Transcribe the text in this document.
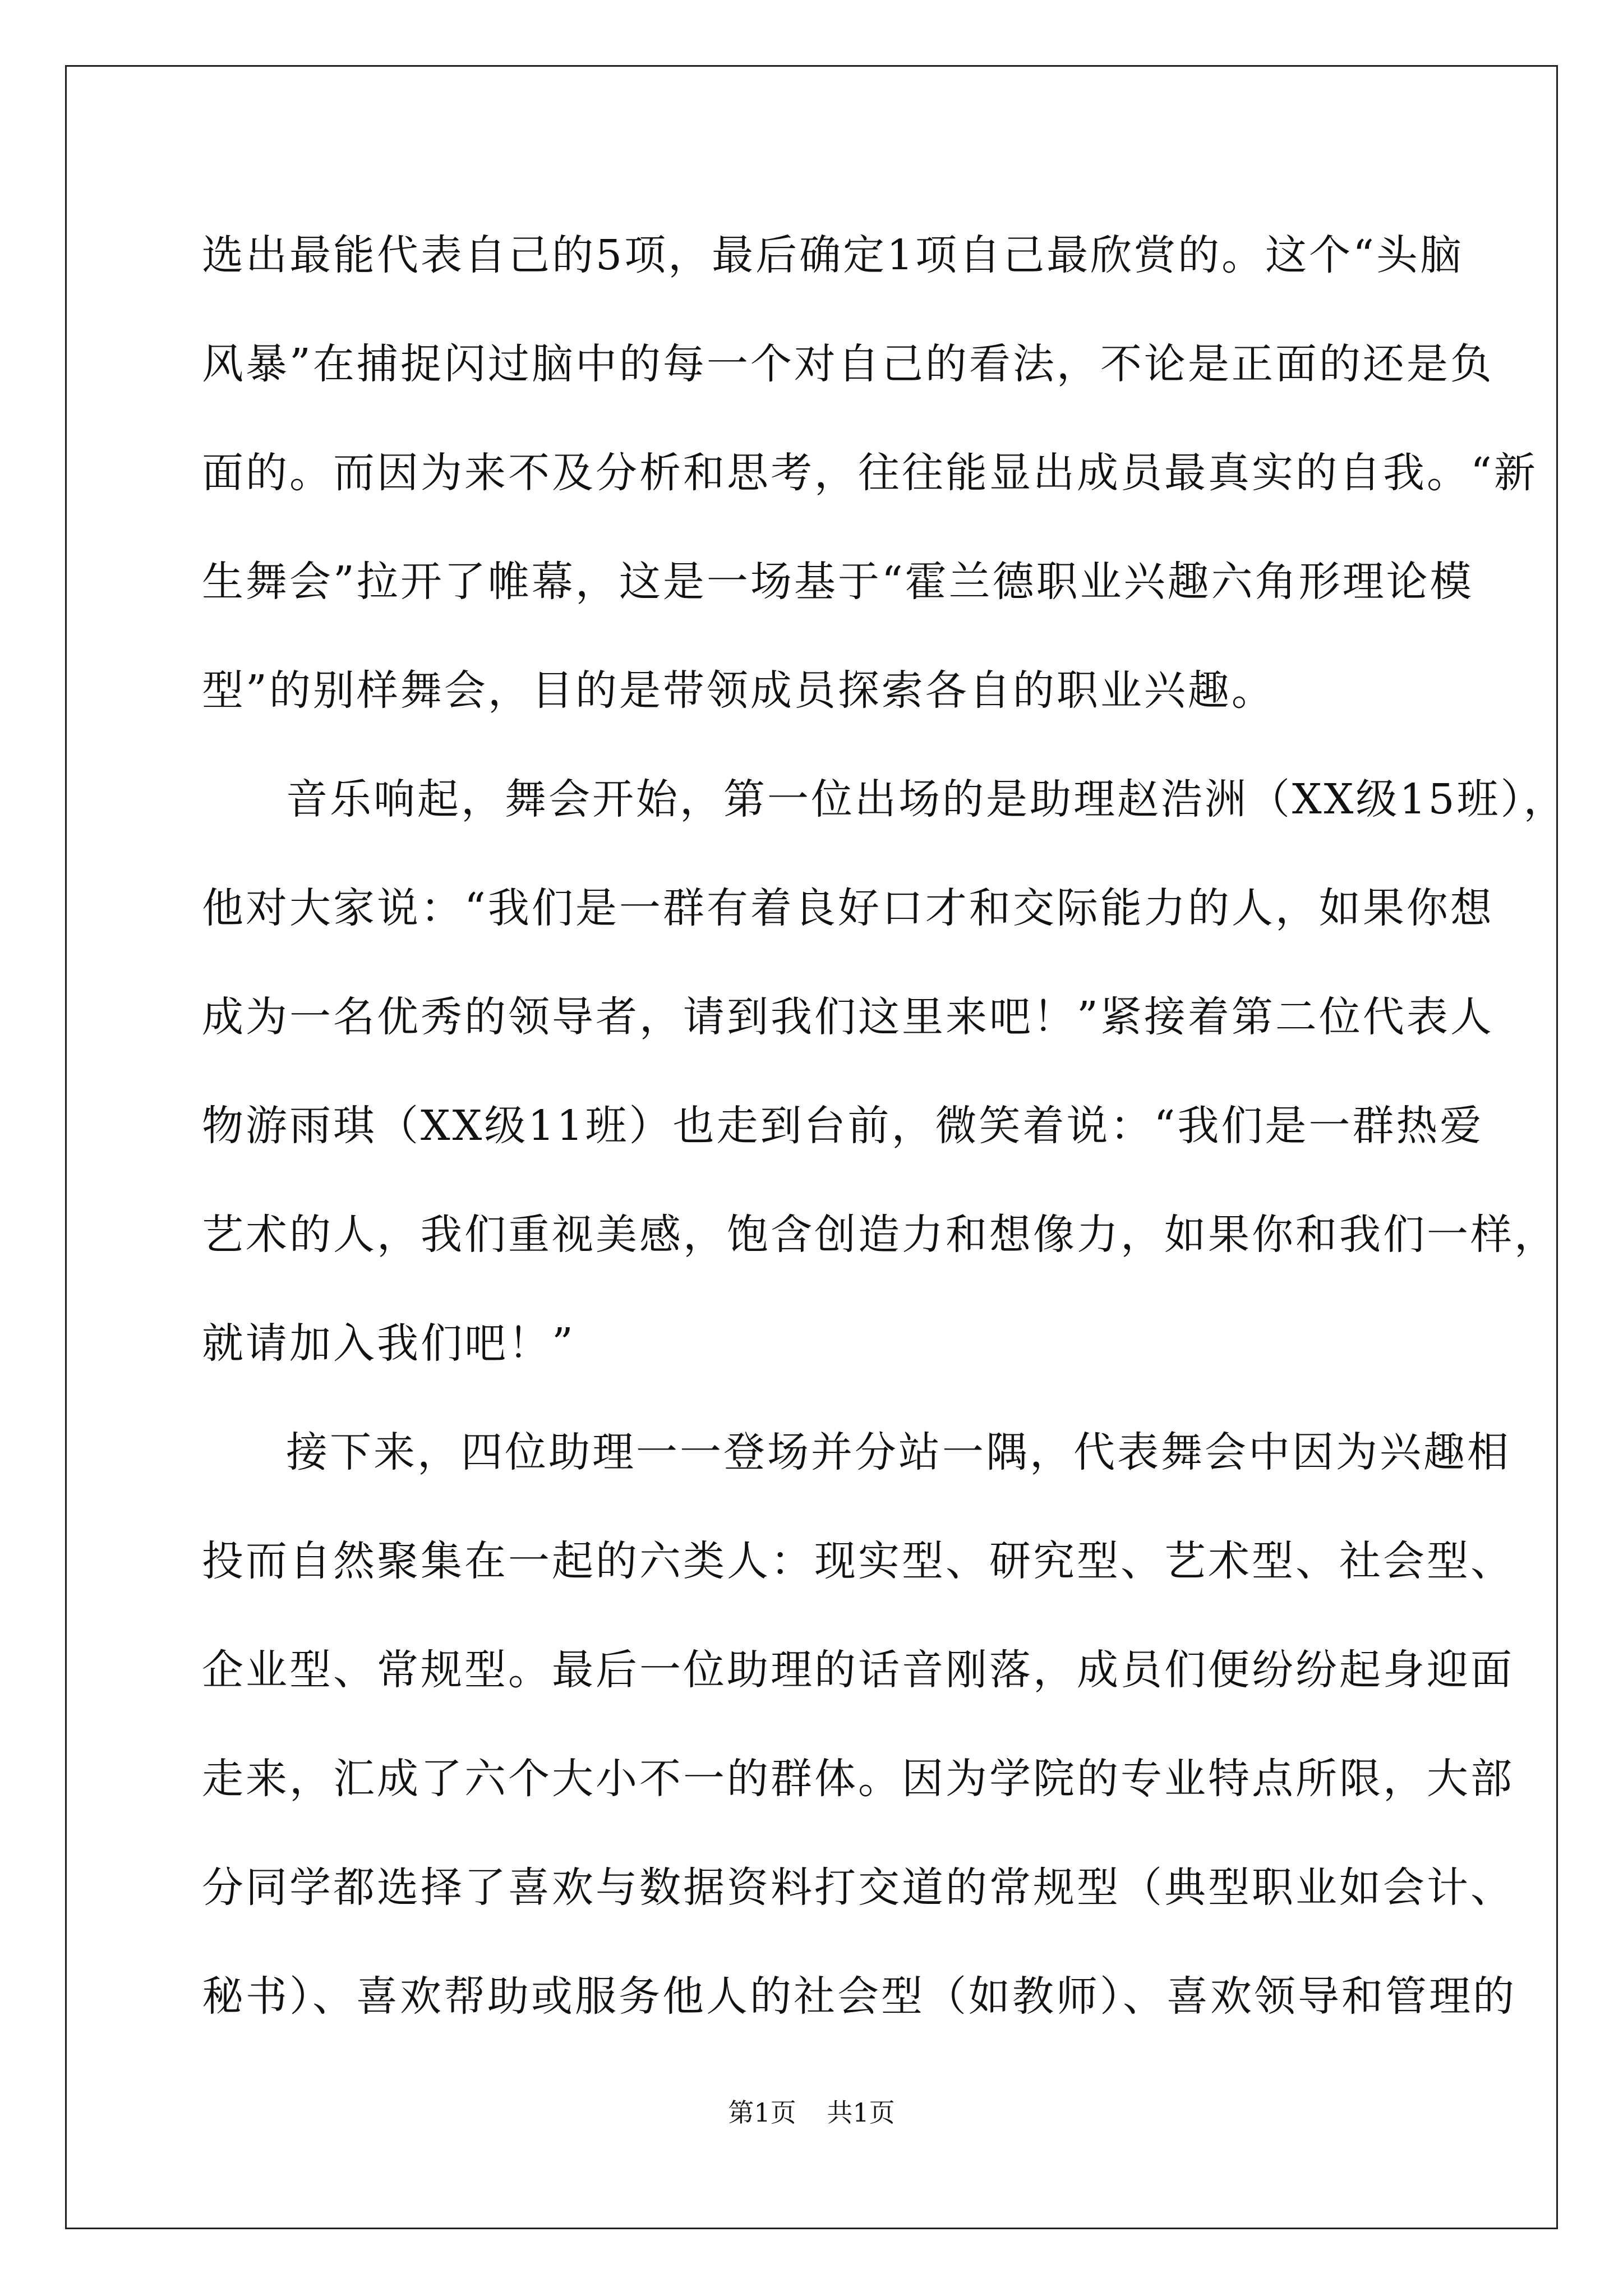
选出最能代表自己的5项，最后确定1项自己最欣赏的。这个“头脑
风暴”在捕捉闪过脑中的每一个对自己的看法，不论是正面的还是负
面的。而因为来不及分析和思考，往往能显出成员最真实的自我。“新
生舞会”拉开了帷幕，这是一场基于“霍兰德职业兴趣六角形理论模
型”的别样舞会，目的是带领成员探索各自的职业兴趣。
音乐响起，舞会开始，第一位出场的是助理赵浩洲（XX级15班），
他对大家说：“我们是一群有着良好口才和交际能力的人，如果你想
成为一名优秀的领导者，请到我们这里来吧！”紧接着第二位代表人
物游雨琪（XX级11班）也走到台前，微笑着说：“我们是一群热爱
艺术的人，我们重视美感，饱含创造力和想像力，如果你和我们一样，
就请加入我们吧！”
接下来，四位助理一一登场并分站一隅，代表舞会中因为兴趣相
投而自然聚集在一起的六类人：现实型、研究型、艺术型、社会型、
企业型、常规型。最后一位助理的话音刚落，成员们便纷纷起身迎面
走来，汇成了六个大小不一的群体。因为学院的专业特点所限，大部
分同学都选择了喜欢与数据资料打交道的常规型（典型职业如会计、
秘书）、喜欢帮助或服务他人的社会型（如教师）、喜欢领导和管理的
第1页 共1页
